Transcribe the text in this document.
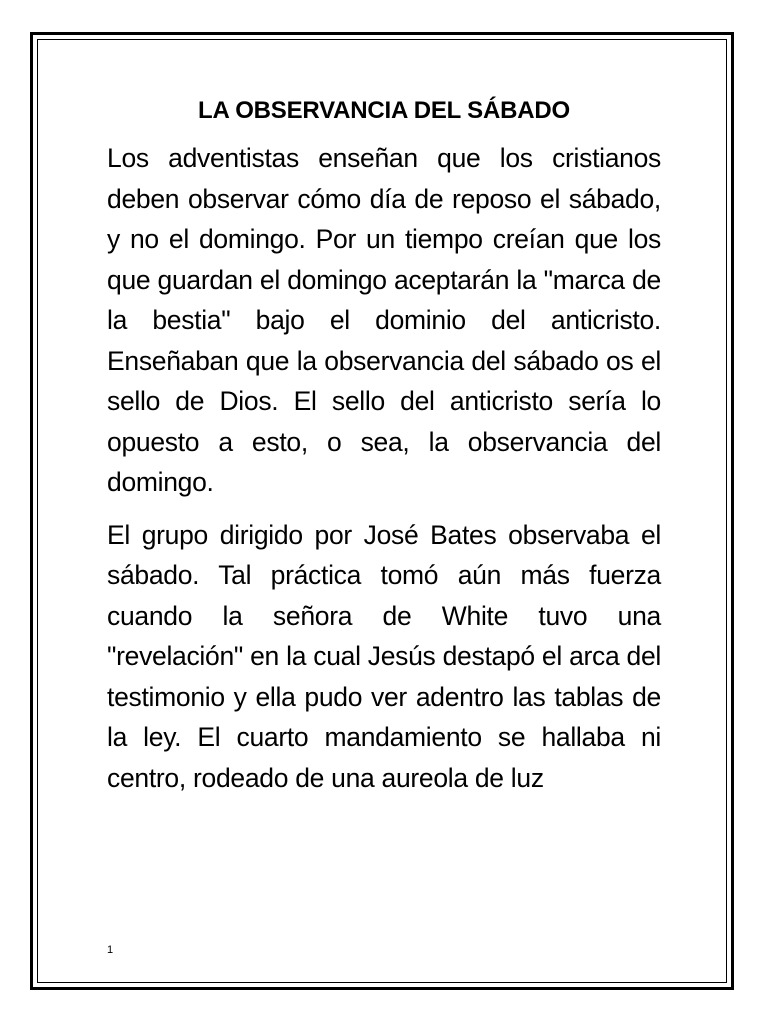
LA OBSERVANCIA DEL SÁBADO

Los adventistas enseñan que los cristianos deben observar cómo día de reposo el sábado, y no el domingo. Por un tiempo creían que los que guardan el domingo aceptarán la "marca de la bestia" bajo el dominio del anticristo. Enseñaban que la observancia del sábado os el sello de Dios. El sello del anticristo sería lo opuesto a esto, o sea, la observancia del domingo.

El grupo dirigido por José Bates observaba el sábado. Tal práctica tomó aún más fuerza cuando la señora de White tuvo una "revelación" en la cual Jesús destapó el arca del testimonio y ella pudo ver adentro las tablas de la ley. El cuarto mandamiento se hallaba ni centro, rodeado de una aureola de luz

1
